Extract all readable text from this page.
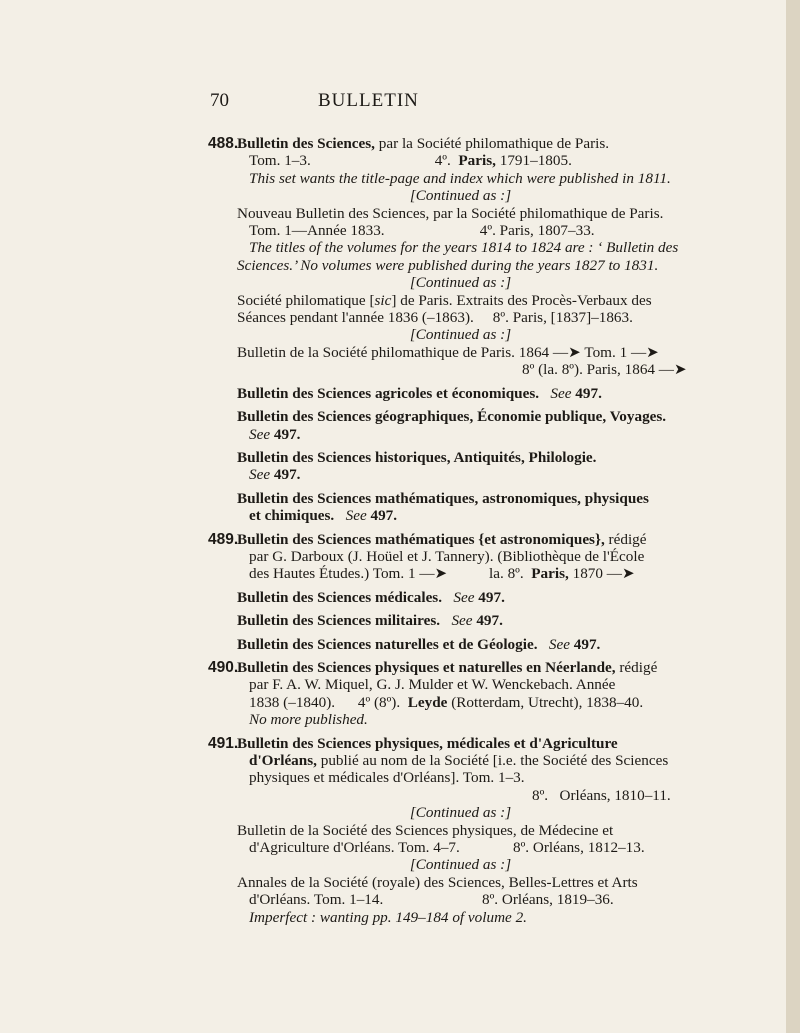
70	BULLETIN
488.
Bulletin des Sciences, par la Société philomathique de Paris.
Tom. 1–3.	4º. Paris, 1791–1805.
This set wants the title-page and index which were published in 1811.
[Continued as :]
Nouveau Bulletin des Sciences, par la Société philomathique de Paris.
Tom. 1—Année 1833.	4º. Paris, 1807–33.
The titles of the volumes for the years 1814 to 1824 are : ‘ Bulletin des
Sciences.’ No volumes were published during the years 1827 to 1831.
[Continued as :]
Société philomatique [sic] de Paris. Extraits des Procès-Verbaux des
Séances pendant l'année 1836 (–1863). 8º. Paris, [1837]–1863.
[Continued as :]
Bulletin de la Société philomathique de Paris. 1864 —➤ Tom. 1 —➤
8º (la. 8º). Paris, 1864 —➤
Bulletin des Sciences agricoles et économiques. See 497.
Bulletin des Sciences géographiques, Économie publique, Voyages.
See 497.
Bulletin des Sciences historiques, Antiquités, Philologie.
See 497.
Bulletin des Sciences mathématiques, astronomiques, physiques
et chimiques. See 497.
489.
Bulletin des Sciences mathématiques {et astronomiques}, rédigé
par G. Darboux (J. Hoüel et J. Tannery). (Bibliothèque de l'École
des Hautes Études.) Tom. 1 —➤	la. 8º. Paris, 1870 —➤
Bulletin des Sciences médicales. See 497.
Bulletin des Sciences militaires. See 497.
Bulletin des Sciences naturelles et de Géologie. See 497.
490.
Bulletin des Sciences physiques et naturelles en Néerlande, rédigé
par F. A. W. Miquel, G. J. Mulder et W. Wenckebach. Année
1838 (–1840). 4º (8º). Leyde (Rotterdam, Utrecht), 1838–40.
No more published.
491.
Bulletin des Sciences physiques, médicales et d'Agriculture
d'Orléans, publié au nom de la Société [i.e. the Société des Sciences
physiques et médicales d'Orléans]. Tom. 1–3.
8º. Orléans, 1810–11.
[Continued as :]
Bulletin de la Société des Sciences physiques, de Médecine et
d'Agriculture d'Orléans. Tom. 4–7.	8º. Orléans, 1812–13.
[Continued as :]
Annales de la Société (royale) des Sciences, Belles-Lettres et Arts
d'Orléans. Tom. 1–14.	8º. Orléans, 1819–36.
Imperfect : wanting pp. 149–184 of volume 2.
